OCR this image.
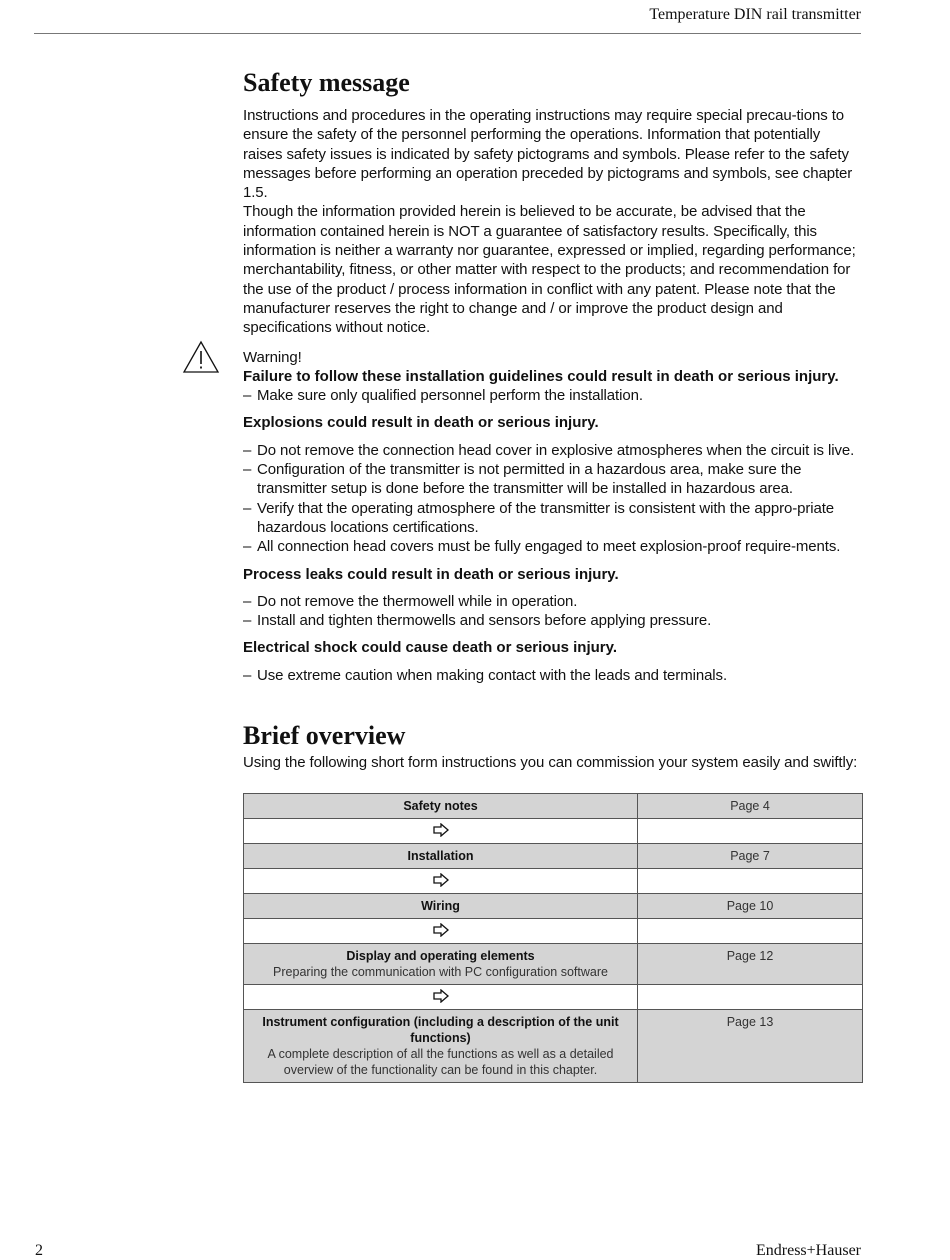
Temperature DIN rail transmitter
Safety message

Instructions and procedures in the operating instructions may require special precau-tions to ensure the safety of the personnel performing the operations. Information that potentially raises safety issues is indicated by safety pictograms and symbols. Please refer to the safety messages before performing an operation preceded by pictograms and symbols, see chapter 1.5.

Though the information provided herein is believed to be accurate, be advised that the information contained herein is NOT a guarantee of satisfactory results. Specifically, this information is neither a warranty nor guarantee, expressed or implied, regarding performance; merchantability, fitness, or other matter with respect to the products; and recommendation for the use of the product / process information in conflict with any patent. Please note that the manufacturer reserves the right to change and / or improve the product design and specifications without notice.

Warning!

Failure to follow these installation guidelines could result in death or serious injury.

– Make sure only qualified personnel perform the installation.

Explosions could result in death or serious injury.

– Do not remove the connection head cover in explosive atmospheres when the circuit is live.
– Configuration of the transmitter is not permitted in a hazardous area, make sure the transmitter setup is done before the transmitter will be installed in hazardous area.
– Verify that the operating atmosphere of the transmitter is consistent with the appro-priate hazardous locations certifications.
– All connection head covers must be fully engaged to meet explosion-proof require-ments.

Process leaks could result in death or serious injury.

– Do not remove the thermowell while in operation.
– Install and tighten thermowells and sensors before applying pressure.

Electrical shock could cause death or serious injury.

– Use extreme caution when making contact with the leads and terminals.
Brief overview

Using the following short form instructions you can commission your system easily and swiftly:

Safety notes	Page 4

Installation	Page 7

Wiring	Page 10

Display and operating elements
Preparing the communication with PC configuration software	Page 12

Instrument configuration (including a description of the unit functions)
A complete description of all the functions as well as a detailed overview of the functionality can be found in this chapter.	Page 13
2	Endress+Hauser
